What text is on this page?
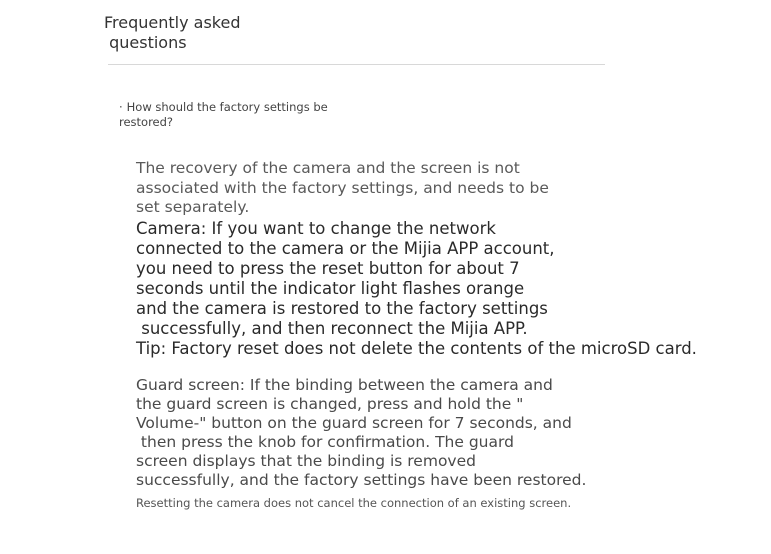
Frequently asked
questions

· How should the factory settings be restored?

The recovery of the camera and the screen is not
associated with the factory settings, and needs to be
set separately.

Camera: If you want to change the network
connected to the camera or the Mijia APP account,
you need to press the reset button for about 7
seconds until the indicator light flashes orange
and the camera is restored to the factory settings
successfully, and then reconnect the Mijia APP.

Tip: Factory reset does not delete the contents of the microSD card.

Guard screen: If the binding between the camera and
the guard screen is changed, press and hold the "
Volume-" button on the guard screen for 7 seconds, and
then press the knob for confirmation. The guard
screen displays that the binding is removed
successfully, and the factory settings have been restored.

Resetting the camera does not cancel the connection of an existing screen.
